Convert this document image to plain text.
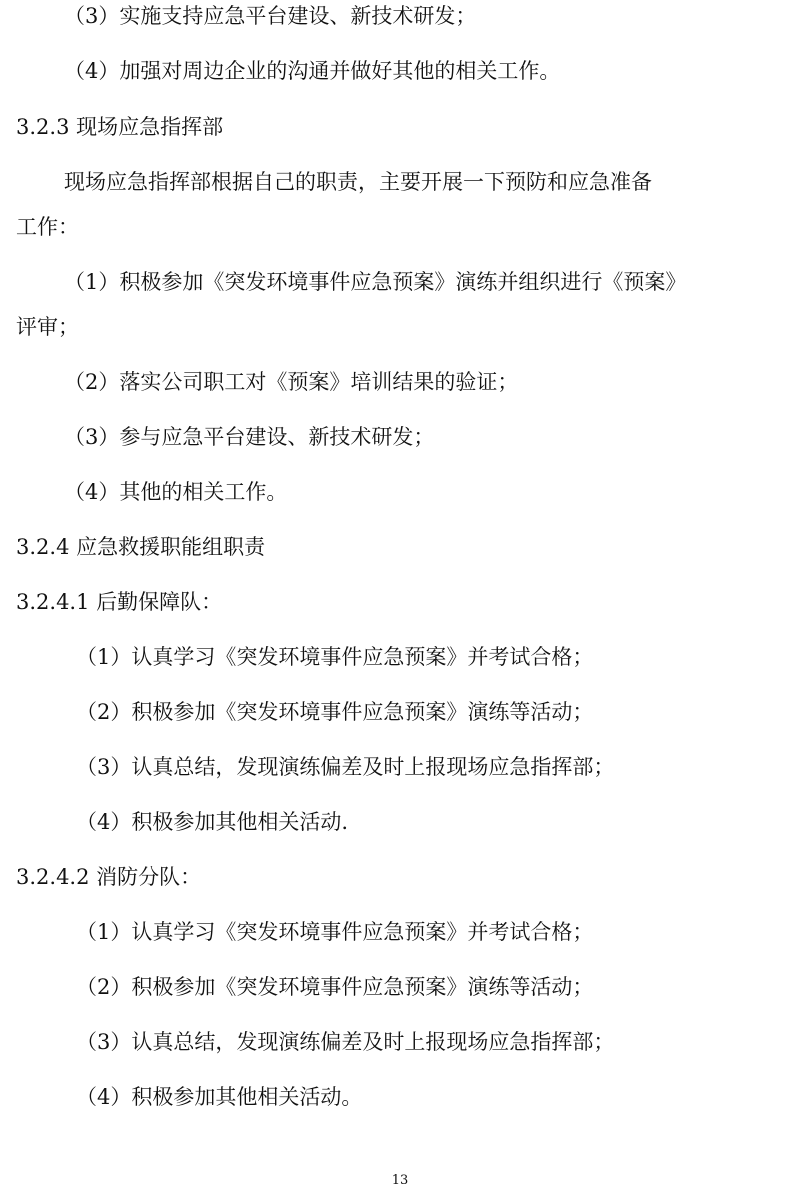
（3）实施支持应急平台建设、新技术研发；
（4）加强对周边企业的沟通并做好其他的相关工作。
3.2.3 现场应急指挥部
现场应急指挥部根据自己的职责，主要开展一下预防和应急准备
工作：
（1）积极参加《突发环境事件应急预案》演练并组织进行《预案》
评审；
（2）落实公司职工对《预案》培训结果的验证；
（3）参与应急平台建设、新技术研发；
（4）其他的相关工作。
3.2.4 应急救援职能组职责
3.2.4.1 后勤保障队：
（1）认真学习《突发环境事件应急预案》并考试合格；
（2）积极参加《突发环境事件应急预案》演练等活动；
（3）认真总结，发现演练偏差及时上报现场应急指挥部；
（4）积极参加其他相关活动.
3.2.4.2 消防分队：
（1）认真学习《突发环境事件应急预案》并考试合格；
（2）积极参加《突发环境事件应急预案》演练等活动；
（3）认真总结，发现演练偏差及时上报现场应急指挥部；
（4）积极参加其他相关活动。
13
